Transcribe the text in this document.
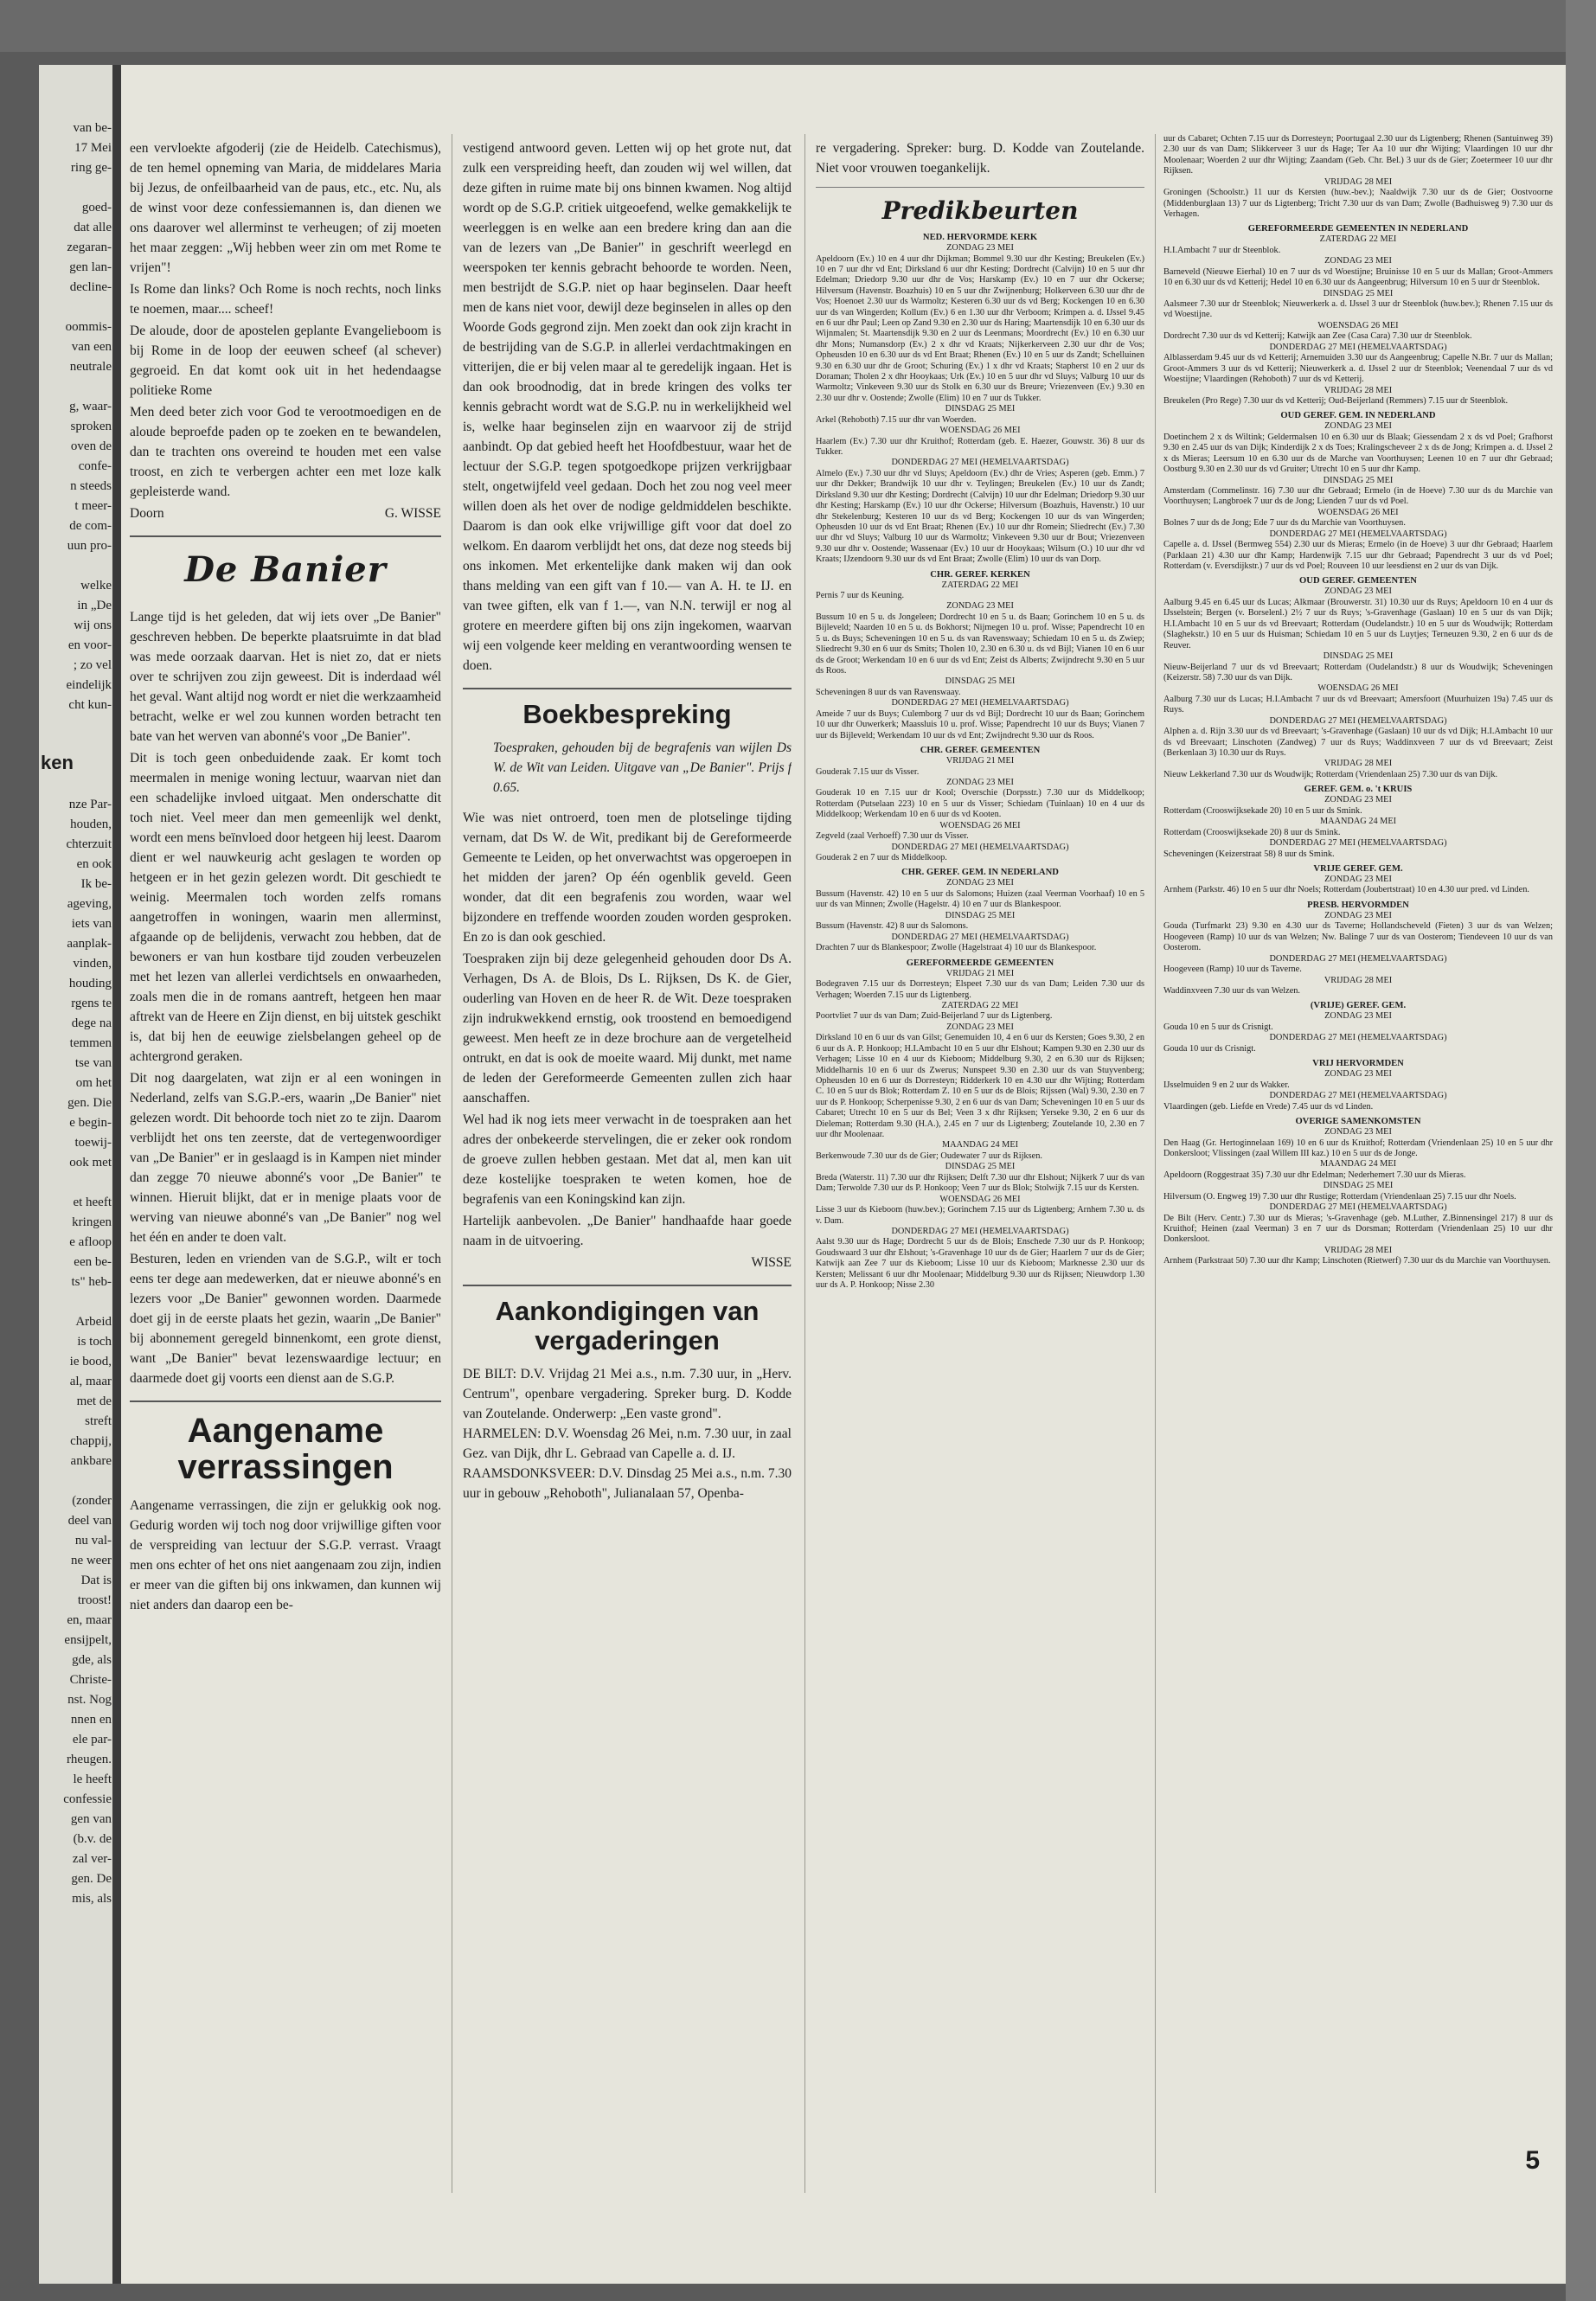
van be-
17 Mei
ring ge-

goed-
dat alle
zegaran-
gen lan-
decline-

oommis-
van een
neutrale

g, waar-
sproken
oven de
confe-
n steeds
t meer-
de com-
uun pro-

welke
in „De
wij ons
en voor-
; zo vel
eindelijk
cht kun-
ken
nze Par-
houden,
chterzuit
en ook
Ik be-
ageving,
iets van
aanplak-
vinden,
houding
rgens te
dege na
temmen
tse van
om het
gen. Die
e begin-
toewij-
ook met

et heeft
kringen
e afloop
een be-
ts" heb-

Arbeid
is toch
ie bood,
al, maar
met de
streft
chappij,
ankbare

(zonder
deel van
nu val-
ne weer
Dat is
troost!
en, maar
ensijpelt,
gde, als
Christe-
nst. Nog
nnen en
ele par-
rheugen.
le heeft
confessie
gen van
(b.v. de
zal ver-
gen. De
mis, als

een vervloekte afgoderij (zie de Heidelb. Catechismus), de ten hemel opneming van Maria, de middelares Maria bij Jezus, de onfeilbaarheid van de paus, etc., etc. Nu, als de winst voor deze confessiemannen is, dan dienen we ons daarover wel allerminst te verheugen; of zij moeten het maar zeggen: „Wij hebben weer zin om met Rome te vrijen"!

Is Rome dan links? Och Rome is noch rechts, noch links te noemen, maar.... scheef!

De aloude, door de apostelen geplante Evangelieboom is bij Rome in de loop der eeuwen scheef (al schever) gegroeid. En dat komt ook uit in het hedendaagse politieke Rome

Men deed beter zich voor God te verootmoedigen en de aloude beproefde paden op te zoeken en te bewandelen, dan te trachten ons overeind te houden met een valse troost, en zich te verbergen achter een met loze kalk gepleisterde wand.

Doorn	G. WISSE
De Banier

Lange tijd is het geleden, dat wij iets over „De Banier" geschreven hebben. De beperkte plaatsruimte in dat blad was mede oorzaak daarvan. Het is niet zo, dat er niets over te schrijven zou zijn geweest. Dit is inderdaad wél het geval. Want altijd nog wordt er niet die werkzaamheid betracht, welke er wel zou kunnen worden betracht ten bate van het werven van abonné's voor „De Banier".

Dit is toch geen onbeduidende zaak. Er komt toch meermalen in menige woning lectuur, waarvan niet dan een schadelijke invloed uitgaat. Men onderschatte dit toch niet. Veel meer dan men gemeenlijk wel denkt, wordt een mens beïnvloed door hetgeen hij leest. Daarom dient er wel nauwkeurig acht geslagen te worden op hetgeen er in het gezin gelezen wordt. Dit geschiedt te weinig. Meermalen toch worden zelfs romans aangetroffen in woningen, waarin men allerminst, afgaande op de belijdenis, verwacht zou hebben, dat de bewoners er van hun kostbare tijd zouden verbeuzelen met het lezen van allerlei verdichtsels en onwaarheden, zoals men die in de romans aantreft, hetgeen hen maar aftrekt van de Heere en Zijn dienst, en bij uitstek geschikt is, dat bij hen de eeuwige zielsbelangen geheel op de achtergrond geraken.

Dit nog daargelaten, wat zijn er al een woningen in Nederland, zelfs van S.G.P.-ers, waarin „De Banier" niet gelezen wordt. Dit behoorde toch niet zo te zijn. Daarom verblijdt het ons ten zeerste, dat de vertegenwoordiger van „De Banier" er in geslaagd is in Kampen niet minder dan zegge 70 nieuwe abonné's voor „De Banier" te winnen. Hieruit blijkt, dat er in menige plaats voor de werving van nieuwe abonné's van „De Banier" nog wel het één en ander te doen valt.

Besturen, leden en vrienden van de S.G.P., wilt er toch eens ter dege aan medewerken, dat er nieuwe abonné's en lezers voor „De Banier" gewonnen worden. Daarmede doet gij in de eerste plaats het gezin, waarin „De Banier" bij abonnement geregeld binnenkomt, een grote dienst, want „De Banier" bevat lezenswaardige lectuur; en daarmede doet gij voorts een dienst aan de S.G.P.

Aangename verrassingen

Aangename verrassingen, die zijn er gelukkig ook nog. Gedurig worden wij toch nog door vrijwillige giften voor de verspreiding van lectuur der S.G.P. verrast. Vraagt men ons echter of het ons niet aangenaam zou zijn, indien er meer van die giften bij ons inkwamen, dan kunnen wij niet anders dan daarop een be-

vestigend antwoord geven. Letten wij op het grote nut, dat zulk een verspreiding heeft, dan zouden wij wel willen, dat deze giften in ruime mate bij ons binnen kwamen. Nog altijd wordt op de S.G.P. critiek uitgeoefend, welke gemakkelijk te weerleggen is en welke aan een bredere kring dan aan die van de lezers van „De Banier" in geschrift weerlegd en weerspoken ter kennis gebracht behoorde te worden. Neen, men bestrijdt de S.G.P. niet op haar beginselen. Daar heeft men de kans niet voor, dewijl deze beginselen in alles op den Woorde Gods gegrond zijn. Men zoekt dan ook zijn kracht in de bestrijding van de S.G.P. in allerlei verdachtmakingen en vitterijen, die er bij velen maar al te geredelijk ingaan. Het is dan ook broodnodig, dat in brede kringen des volks ter kennis gebracht wordt wat de S.G.P. nu in werkelijkheid wel is, welke haar beginselen zijn en waarvoor zij de strijd aanbindt. Op dat gebied heeft het Hoofdbestuur, waar het de lectuur der S.G.P. tegen spotgoedkope prijzen verkrijgbaar stelt, ongetwijfeld veel gedaan. Doch het zou nog veel meer willen doen als het over de nodige geldmiddelen beschikte. Daarom is dan ook elke vrijwillige gift voor dat doel zo welkom. En daarom verblijdt het ons, dat deze nog steeds bij ons inkomen. Met erkentelijke dank maken wij dan ook thans melding van een gift van f 10.— van A. H. te IJ. en van twee giften, elk van f 1.—, van N.N. terwijl er nog al grotere en meerdere giften bij ons zijn ingekomen, waarvan wij een volgende keer melding en verantwoording wensen te doen.

Boekbespreking
Toespraken, gehouden bij de begrafenis van wijlen Ds W. de Wit van Leiden. Uitgave van „De Banier". Prijs f 0.65.

Wie was niet ontroerd, toen men de plotselinge tijding vernam, dat Ds W. de Wit, predikant bij de Gereformeerde Gemeente te Leiden, op het onverwachtst was opgeroepen in het midden der jaren? Op één ogenblik geveld. Geen wonder, dat dit een begrafenis zou worden, waar wel bijzondere en treffende woorden zouden worden gesproken. En zo is dan ook geschied.

Toespraken zijn bij deze gelegenheid gehouden door Ds A. Verhagen, Ds A. de Blois, Ds L. Rijksen, Ds K. de Gier, ouderling van Hoven en de heer R. de Wit. Deze toespraken zijn indrukwekkend ernstig, ook troostend en bemoedigend geweest. Men heeft ze in deze brochure aan de vergetelheid ontrukt, en dat is ook de moeite waard. Mij dunkt, met name de leden der Gereformeerde Gemeenten zullen zich haar aanschaffen.

Wel had ik nog iets meer verwacht in de toespraken aan het adres der onbekeerde stervelingen, die er zeker ook rondom de groeve zullen hebben gestaan. Met dat al, men kan uit deze kostelijke toespraken te weten komen, hoe de begrafenis van een Koningskind kan zijn.

Hartelijk aanbevolen. „De Banier" handhaafde haar goede naam in de uitvoering.

WISSE
Aankondigingen van vergaderingen

DE BILT: D.V. Vrijdag 21 Mei a.s., n.m. 7.30 uur, in „Herv. Centrum", openbare vergadering. Spreker burg. D. Kodde van Zoutelande. Onderwerp: „Een vaste grond".

HARMELEN: D.V. Woensdag 26 Mei, n.m. 7.30 uur, in zaal Gez. van Dijk, dhr L. Gebraad van Capelle a. d. IJ.

RAAMSDONKSVEER: D.V. Dinsdag 25 Mei a.s., n.m. 7.30 uur in gebouw „Rehoboth", Julianalaan 57, Openba-

re vergadering. Spreker: burg. D. Kodde van Zoutelande. Niet voor vrouwen toegankelijk.
Predikbeurten
NED. HERVORMDE KERK
ZONDAG 23 MEI

Apeldoorn (Ev.) 10 en 4 uur dhr Dijkman; Bommel 9.30 uur dhr Kesting; Breukelen (Ev.) 10 en 7 uur dhr vd Ent; Dirksland 6 uur dhr Kesting; Dordrecht (Calvijn) 10 en 5 uur dhr Edelman; Driedorp 9.30 uur dhr de Vos; Harskamp (Ev.) 10 en 7 uur dhr Ockerse; Hilversum (Havenstr. Boazhuis) 10 en 5 uur dhr Zwijnenburg; Holkerveen 6.30 uur dhr de Vos; Hoenoet 2.30 uur ds Warmoltz; Kesteren 6.30 uur ds vd Berg; Kockengen 10 en 6.30 uur ds van Wingerden; Kollum (Ev.) 6 en 1.30 uur dhr Verboom; Krimpen a. d. IJssel 9.45 en 6 uur dhr Paul; Leen op Zand 9.30 en 2.30 uur ds Haring; Maartensdijk 10 en 6.30 uur ds Wijnmalen; St. Maartensdijk 9.30 en 2 uur ds Leenmans; Moordrecht (Ev.) 10 en 6.30 uur dhr Mons; Numansdorp (Ev.) 2 x dhr vd Kraats; Nijkerkerveen 2.30 uur dhr de Vos; Opheusden 10 en 6.30 uur ds vd Ent Braat; Rhenen (Ev.) 10 en 5 uur ds Zandt; Schelluinen 9.30 en 6.30 uur dhr de Groot; Schuring (Ev.) 1 x dhr vd Kraats; Stapherst 10 en 2 uur ds Doraman; Tholen 2 x dhr Hooykaas; Urk (Ev.) 10 en 5 uur dhr vd Sluys; Valburg 10 uur ds Warmoltz; Vinkeveen 9.30 uur ds Stolk en 6.30 uur ds Breure; Vriezenveen (Ev.) 9.30 en 2.30 uur dhr v. Oostende; Zwolle (Elim) 10 en 7 uur ds Tukker.

DINSDAG 25 MEI

Arkel (Rehoboth) 7.15 uur dhr van Woerden.

WOENSDAG 26 MEI

Haarlem (Ev.) 7.30 uur dhr Kruithof; Rotterdam (geb. E. Haezer, Gouwstr. 36) 8 uur ds Tukker.

DONDERDAG 27 MEI (HEMELVAARTSDAG)

Almelo (Ev.) 7.30 uur dhr vd Sluys; Apeldoorn (Ev.) dhr de Vries; Asperen (geb. Emm.) 7 uur dhr Dekker; Brandwijk 10 uur dhr v. Teylingen; Breukelen (Ev.) 10 uur ds Zandt; Dirksland 9.30 uur dhr Kesting; Dordrecht (Calvijn) 10 uur dhr Edelman; Driedorp 9.30 uur dhr Kesting; Harskamp (Ev.) 10 uur dhr Ockerse; Hilversum (Boazhuis, Havenstr.) 10 uur dhr Stekelenburg; Kesteren 10 uur ds vd Berg; Kockengen 10 uur ds van Wingerden; Opheusden 10 uur ds vd Ent Braat; Rhenen (Ev.) 10 uur dhr Romein; Sliedrecht (Ev.) 7.30 uur dhr vd Sluys; Valburg 10 uur ds Warmoltz; Vinkeveen 9.30 uur dr Bout; Vriezenveen 9.30 uur dhr v. Oostende; Wassenaar (Ev.) 10 uur dr Hooykaas; Wilsum (O.) 10 uur dhr vd Kraats; IJzendoorn 9.30 uur ds vd Ent Braat; Zwolle (Elim) 10 uur ds van Dorp.

CHR. GEREF. KERKEN
ZATERDAG 22 MEI

Pernis 7 uur ds Keuning.

ZONDAG 23 MEI

Bussum 10 en 5 u. ds Jongeleen; Dordrecht 10 en 5 u. ds Baan; Gorinchem 10 en 5 u. ds Bijleveld; Naarden 10 en 5 u. ds Bokhorst; Nijmegen 10 u. prof. Wisse; Papendrecht 10 en 5 u. ds Buys; Scheveningen 10 en 5 u. ds van Ravenswaay; Schiedam 10 en 5 u. ds Zwiep; Sliedrecht 9.30 en 6 uur ds Smits; Tholen 10, 2.30 en 6.30 u. ds vd Bijl; Vianen 10 en 6 uur ds de Groot; Werkendam 10 en 6 uur ds vd Ent; Zeist ds Alberts; Zwijndrecht 9.30 en 5 uur ds Roos.

DINSDAG 25 MEI

Scheveningen 8 uur ds van Ravenswaay.

DONDERDAG 27 MEI (HEMELVAARTSDAG)

Ameide 7 uur ds Buys; Culemborg 7 uur ds vd Bijl; Dordrecht 10 uur ds Baan; Gorinchem 10 uur dhr Ouwerkerk; Maassluis 10 u. prof. Wisse; Papendrecht 10 uur ds Buys; Vianen 7 uur ds Bijleveld; Werkendam 10 uur ds vd Ent; Zwijndrecht 9.30 uur ds Roos.

CHR. GEREF. GEMEENTEN
VRIJDAG 21 MEI

Gouderak 7.15 uur ds Visser.

ZONDAG 23 MEI

Gouderak 10 en 7.15 uur dr Kool; Overschie (Dorpsstr.) 7.30 uur ds Middelkoop; Rotterdam (Putselaan 223) 10 en 5 uur ds Visser; Schiedam (Tuinlaan) 10 en 4 uur ds Middelkoop; Werkendam 10 en 6 uur ds vd Kooten.

WOENSDAG 26 MEI

Zegveld (zaal Verhoeff) 7.30 uur ds Visser.

DONDERDAG 27 MEI (HEMELVAARTSDAG)

Gouderak 2 en 7 uur ds Middelkoop.

CHR. GEREF. GEM. IN NEDERLAND
ZONDAG 23 MEI

Bussum (Havenstr. 42) 10 en 5 uur ds Salomons; Huizen (zaal Veerman Voorhaaf) 10 en 5 uur ds van Minnen; Zwolle (Hagelstr. 4) 10 en 7 uur ds Blankespoor.

DINSDAG 25 MEI

Bussum (Havenstr. 42) 8 uur ds Salomons.

DONDERDAG 27 MEI (HEMELVAARTSDAG)

Drachten 7 uur ds Blankespoor; Zwolle (Hagelstraat 4) 10 uur ds Blankespoor.

GEREFORMEERDE GEMEENTEN
VRIJDAG 21 MEI

Bodegraven 7.15 uur ds Dorresteyn; Elspeet 7.30 uur ds van Dam; Leiden 7.30 uur ds Verhagen; Woerden 7.15 uur ds Ligtenberg.

ZATERDAG 22 MEI

Poortvliet 7 uur ds van Dam; Zuid-Beijerland 7 uur ds Ligtenberg.

ZONDAG 23 MEI

Dirksland 10 en 6 uur ds van Gilst; Genemuiden 10, 4 en 6 uur ds Kersten; Goes 9.30, 2 en 6 uur ds A. P. Honkoop; H.I.Ambacht 10 en 5 uur dhr Elshout; Kampen 9.30 en 2.30 uur ds Verhagen; Lisse 10 en 4 uur ds Kieboom; Middelburg 9.30, 2 en 6.30 uur ds Rijksen; Middelharnis 10 en 6 uur ds Zwerus; Nunspeet 9.30 en 2.30 uur ds van Stuyvenberg; Opheusden 10 en 6 uur ds Dorresteyn; Ridderkerk 10 en 4.30 uur dhr Wijting; Rotterdam C. 10 en 5 uur ds Blok; Rotterdam Z. 10 en 5 uur ds de Blois; Rijssen (Wal) 9.30, 2.30 en 7 uur ds P. Honkoop; Scherpenisse 9.30, 2 en 6 uur ds van Dam; Scheveningen 10 en 5 uur ds Cabaret; Utrecht 10 en 5 uur ds Bel; Veen 3 x dhr Rijksen; Yerseke 9.30, 2 en 6 uur ds Dieleman; Rotterdam 9.30 (H.A.), 2.45 en 7 uur ds Ligtenberg; Zoutelande 10, 2.30 en 7 uur dhr Moolenaar.

MAANDAG 24 MEI

Berkenwoude 7.30 uur ds de Gier; Oudewater 7 uur ds Rijksen.

DINSDAG 25 MEI

Breda (Waterstr. 11) 7.30 uur dhr Rijksen; Delft 7.30 uur dhr Elshout; Nijkerk 7 uur ds van Dam; Terwolde 7.30 uur ds P. Honkoop; Veen 7 uur ds Blok; Stolwijk 7.15 uur ds Kersten.

WOENSDAG 26 MEI

Lisse 3 uur ds Kieboom (huw.bev.); Gorinchem 7.15 uur ds Ligtenberg; Arnhem 7.30 u. ds v. Dam.

DONDERDAG 27 MEI (HEMELVAARTSDAG)

Aalst 9.30 uur ds Hage; Dordrecht 5 uur ds de Blois; Enschede 7.30 uur ds P. Honkoop; Goudswaard 3 uur dhr Elshout; 's-Gravenhage 10 uur ds de Gier; Haarlem 7 uur ds de Gier; Katwijk aan Zee 7 uur ds Kieboom; Lisse 10 uur ds Kieboom; Marknesse 2.30 uur ds Kersten; Melissant 6 uur dhr Moolenaar; Middelburg 9.30 uur ds Rijksen; Nieuwdorp 1.30 uur ds A. P. Honkoop; Nisse 2.30

uur ds Cabaret; Ochten 7.15 uur ds Dorresteyn; Poortugaal 2.30 uur ds Ligtenberg; Rhenen (Santuinweg 39) 2.30 uur ds van Dam; Slikkerveer 3 uur ds Hage; Ter Aa 10 uur dhr Wijting; Vlaardingen 10 uur dhr Moolenaar; Woerden 2 uur dhr Wijting; Zaandam (Geb. Chr. Bel.) 3 uur ds de Gier; Zoetermeer 10 uur dhr Rijksen.

VRIJDAG 28 MEI

Groningen (Schoolstr.) 11 uur ds Kersten (huw.-bev.); Naaldwijk 7.30 uur ds de Gier; Oostvoorne (Middenburglaan 13) 7 uur ds Ligtenberg; Tricht 7.30 uur ds van Dam; Zwolle (Badhuisweg 9) 7.30 uur ds Verhagen.

GEREFORMEERDE GEMEENTEN IN NEDERLAND
ZATERDAG 22 MEI

H.I.Ambacht 7 uur dr Steenblok.

ZONDAG 23 MEI

Barneveld (Nieuwe Eierhal) 10 en 7 uur ds vd Woestijne; Bruinisse 10 en 5 uur ds Mallan; Groot-Ammers 10 en 6.30 uur ds vd Ketterij; Hedel 10 en 6.30 uur ds Aangeenbrug; Hilversum 10 en 5 uur dr Steenblok.

DINSDAG 25 MEI

Aalsmeer 7.30 uur dr Steenblok; Nieuwerkerk a. d. IJssel 3 uur dr Steenblok (huw.bev.); Rhenen 7.15 uur ds vd Woestijne.

WOENSDAG 26 MEI

Dordrecht 7.30 uur ds vd Ketterij; Katwijk aan Zee (Casa Cara) 7.30 uur dr Steenblok.

DONDERDAG 27 MEI (HEMELVAARTSDAG)

Alblasserdam 9.45 uur ds vd Ketterij; Arnemuiden 3.30 uur ds Aangeenbrug; Capelle N.Br. 7 uur ds Mallan; Groot-Ammers 3 uur ds vd Ketterij; Nieuwerkerk a. d. IJssel 2 uur dr Steenblok; Veenendaal 7 uur ds vd Woestijne; Vlaardingen (Rehoboth) 7 uur ds vd Ketterij.

VRIJDAG 28 MEI

Breukelen (Pro Rege) 7.30 uur ds vd Ketterij; Oud-Beijerland (Remmers) 7.15 uur dr Steenblok.

OUD GEREF. GEM. IN NEDERLAND
ZONDAG 23 MEI

Doetinchem 2 x ds Wiltink; Geldermalsen 10 en 6.30 uur ds Blaak; Giessendam 2 x ds vd Poel; Grafhorst 9.30 en 2.45 uur ds van Dijk; Kinderdijk 2 x ds Toes; Kralingscheveer 2 x ds de Jong; Krimpen a. d. IJssel 2 x ds Mieras; Leersum 10 en 6.30 uur ds de Marche van Voorthuysen; Leenen 10 en 7 uur dhr Gebraad; Oostburg 9.30 en 2.30 uur ds vd Gruiter; Utrecht 10 en 5 uur dhr Kamp.

DINSDAG 25 MEI

Amsterdam (Commelinstr. 16) 7.30 uur dhr Gebraad; Ermelo (in de Hoeve) 7.30 uur ds du Marchie van Voorthuysen; Langbroek 7 uur ds de Jong; Lienden 7 uur ds vd Poel.

WOENSDAG 26 MEI

Bolnes 7 uur ds de Jong; Ede 7 uur ds du Marchie van Voorthuysen.

DONDERDAG 27 MEI (HEMELVAARTSDAG)

Capelle a. d. IJssel (Bermweg 554) 2.30 uur ds Mieras; Ermelo (in de Hoeve) 3 uur dhr Gebraad; Haarlem (Parklaan 21) 4.30 uur dhr Kamp; Hardenwijk 7.15 uur dhr Gebraad; Papendrecht 3 uur ds vd Poel; Rotterdam (v. Eversdijkstr.) 7 uur ds vd Poel; Rouveen 10 uur leesdienst en 2 uur ds van Dijk.

OUD GEREF. GEMEENTEN
ZONDAG 23 MEI

Aalburg 9.45 en 6.45 uur ds Lucas; Alkmaar (Brouwerstr. 31) 10.30 uur ds Ruys; Apeldoorn 10 en 4 uur ds IJsselstein; Bergen (v. Borselenl.) 2½ 7 uur ds Ruys; 's-Gravenhage (Gaslaan) 10 en 5 uur ds van Dijk; H.I.Ambacht 10 en 5 uur ds vd Breevaart; Rotterdam (Oudelandstr.) 10 en 5 uur ds Woudwijk; Rotterdam (Slaghekstr.) 10 en 5 uur ds Huisman; Schiedam 10 en 5 uur ds Luytjes; Terneuzen 9.30, 2 en 6 uur ds de Reuver.

DINSDAG 25 MEI

Nieuw-Beijerland 7 uur ds vd Breevaart; Rotterdam (Oudelandstr.) 8 uur ds Woudwijk; Scheveningen (Keizerstr. 58) 7.30 uur ds van Dijk.

WOENSDAG 26 MEI

Aalburg 7.30 uur ds Lucas; H.I.Ambacht 7 uur ds vd Breevaart; Amersfoort (Muurhuizen 19a) 7.45 uur ds Ruys.

DONDERDAG 27 MEI (HEMELVAARTSDAG)

Alphen a. d. Rijn 3.30 uur ds vd Breevaart; 's-Gravenhage (Gaslaan) 10 uur ds vd Dijk; H.I.Ambacht 10 uur ds vd Breevaart; Linschoten (Zandweg) 7 uur ds Ruys; Waddinxveen 7 uur ds vd Breevaart; Zeist (Berkenlaan 3) 10.30 uur ds Ruys.

VRIJDAG 28 MEI

Nieuw Lekkerland 7.30 uur ds Woudwijk; Rotterdam (Vriendenlaan 25) 7.30 uur ds van Dijk.

GEREF. GEM. o. 't KRUIS
ZONDAG 23 MEI

Rotterdam (Crooswijksekade 20) 10 en 5 uur ds Smink.

MAANDAG 24 MEI

Rotterdam (Crooswijksekade 20) 8 uur ds Smink.

DONDERDAG 27 MEI (HEMELVAARTSDAG)

Scheveningen (Keizerstraat 58) 8 uur ds Smink.

VRIJE GEREF. GEM.
ZONDAG 23 MEI

Arnhem (Parkstr. 46) 10 en 5 uur dhr Noels; Rotterdam (Joubertstraat) 10 en 4.30 uur pred. vd Linden.

PRESB. HERVORMDEN
ZONDAG 23 MEI

Gouda (Turfmarkt 23) 9.30 en 4.30 uur ds Taverne; Hollandscheveld (Fieten) 3 uur ds van Welzen; Hoogeveen (Ramp) 10 uur ds van Welzen; Nw. Balinge 7 uur ds van Oosterom; Tiendeveen 10 uur ds van Oosterom.

DONDERDAG 27 MEI (HEMELVAARTSDAG)

Hoogeveen (Ramp) 10 uur ds Taverne.

VRIJDAG 28 MEI

Waddinxveen 7.30 uur ds van Welzen.

(VRIJE) GEREF. GEM.
ZONDAG 23 MEI

Gouda 10 en 5 uur ds Crisnigt.

DONDERDAG 27 MEI (HEMELVAARTSDAG)

Gouda 10 uur ds Crisnigt.

VRIJ HERVORMDEN
ZONDAG 23 MEI

IJsselmuiden 9 en 2 uur ds Wakker.

DONDERDAG 27 MEI (HEMELVAARTSDAG)

Vlaardingen (geb. Liefde en Vrede) 7.45 uur ds vd Linden.

OVERIGE SAMENKOMSTEN
ZONDAG 23 MEI

Den Haag (Gr. Hertoginnelaan 169) 10 en 6 uur ds Kruithof; Rotterdam (Vriendenlaan 25) 10 en 5 uur dhr Donkersloot; Vlissingen (zaal Willem III kaz.) 10 en 5 uur ds de Jonge.

MAANDAG 24 MEI

Apeldoorn (Roggestraat 35) 7.30 uur dhr Edelman; Nederhemert 7.30 uur ds Mieras.

DINSDAG 25 MEI

Hilversum (O. Engweg 19) 7.30 uur dhr Rustige; Rotterdam (Vriendenlaan 25) 7.15 uur dhr Noels.

DONDERDAG 27 MEI (HEMELVAARTSDAG)

De Bilt (Herv. Centr.) 7.30 uur ds Mieras; 's-Gravenhage (geb. M.Luther, Z.Binnensingel 217) 8 uur ds Kruithof; Heinen (zaal Veerman) 3 en 7 uur ds Dorsman; Rotterdam (Vriendenlaan 25) 10 uur dhr Donkersloot.

VRIJDAG 28 MEI

Arnhem (Parkstraat 50) 7.30 uur dhr Kamp; Linschoten (Rietwerf) 7.30 uur ds du Marchie van Voorthuysen.

5
